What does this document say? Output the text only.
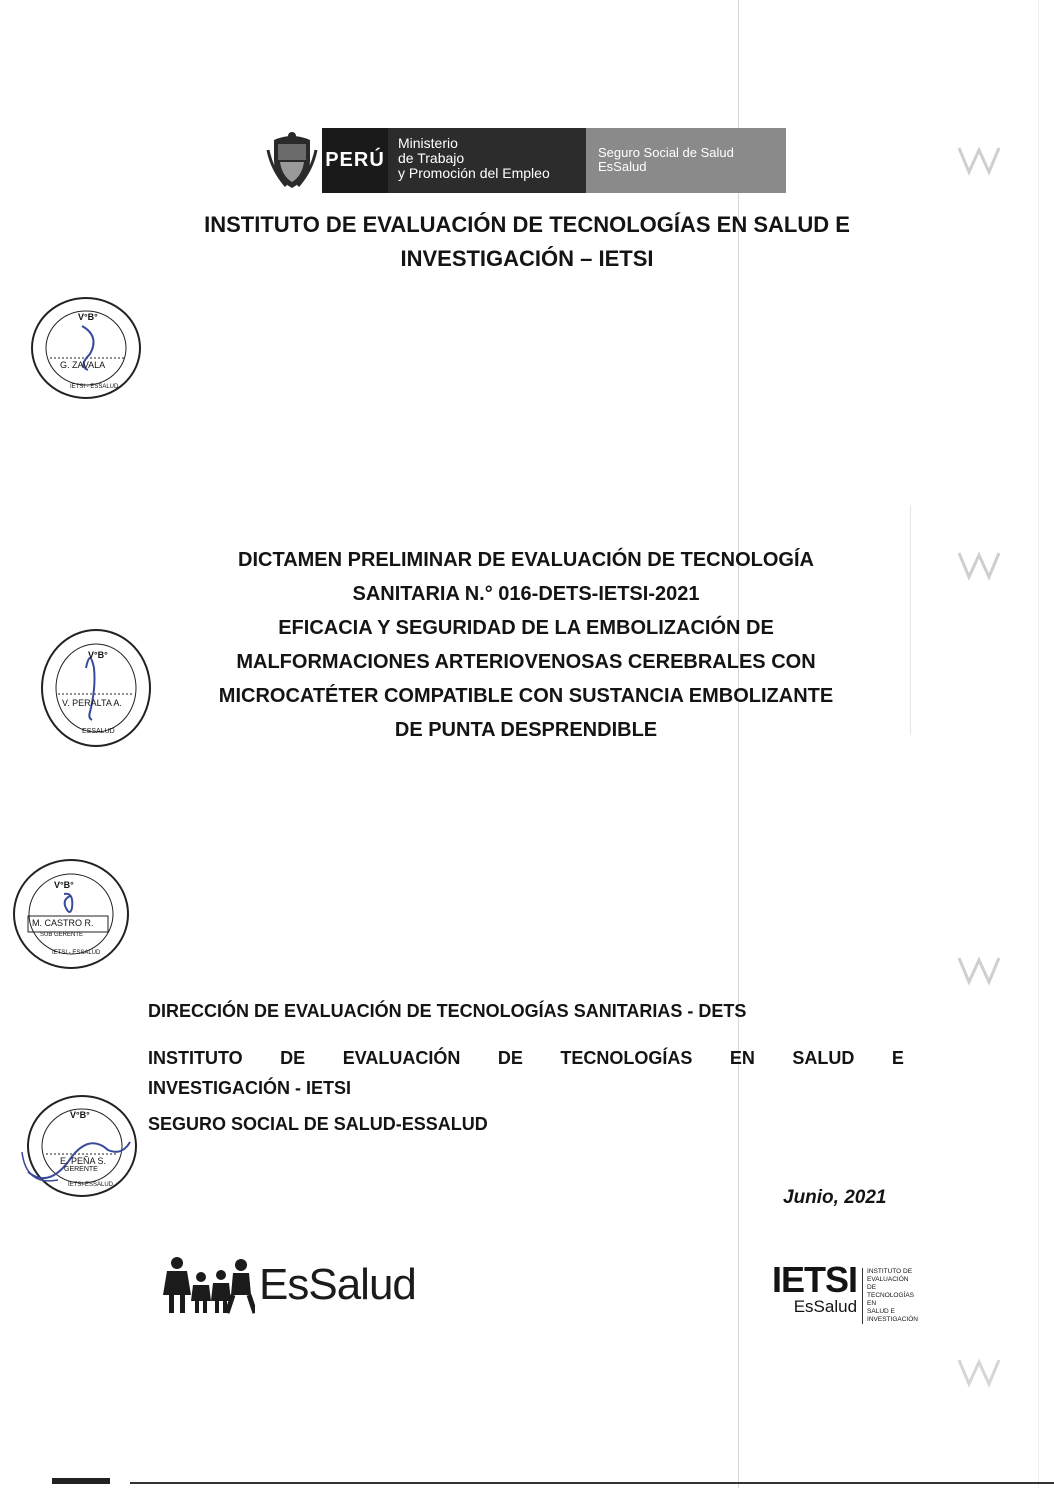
PERÚ
Ministerio
de Trabajo
y Promoción del Empleo
Seguro Social de Salud
EsSalud
INSTITUTO DE EVALUACIÓN DE TECNOLOGÍAS EN SALUD E
INVESTIGACIÓN – IETSI
V°B°
G. ZAVALA
IETSI - ESSALUD
DICTAMEN PRELIMINAR DE EVALUACIÓN DE TECNOLOGÍA
SANITARIA N.° 016-DETS-IETSI-2021
EFICACIA Y SEGURIDAD DE LA EMBOLIZACIÓN DE
MALFORMACIONES ARTERIOVENOSAS CEREBRALES CON
MICROCATÉTER COMPATIBLE CON SUSTANCIA EMBOLIZANTE
DE PUNTA DESPRENDIBLE
V°B°
V. PERALTA A.
ESSALUD
V°B°
M. CASTRO R.
SUB GERENTE
IETSI - ESSALUD
DIRECCIÓN DE EVALUACIÓN DE TECNOLOGÍAS SANITARIAS - DETS
INSTITUTO DE EVALUACIÓN DE TECNOLOGÍAS EN SALUD E
INVESTIGACIÓN - IETSI
SEGURO SOCIAL DE SALUD-ESSALUD
V°B°
E. PEÑA S.
GERENTE
IETSI-ESSALUD
Junio, 2021
EsSalud	IETSI
EsSalud
INSTITUTO DE
EVALUACIÓN DE
TECNOLOGÍAS EN
SALUD E
INVESTIGACIÓN
